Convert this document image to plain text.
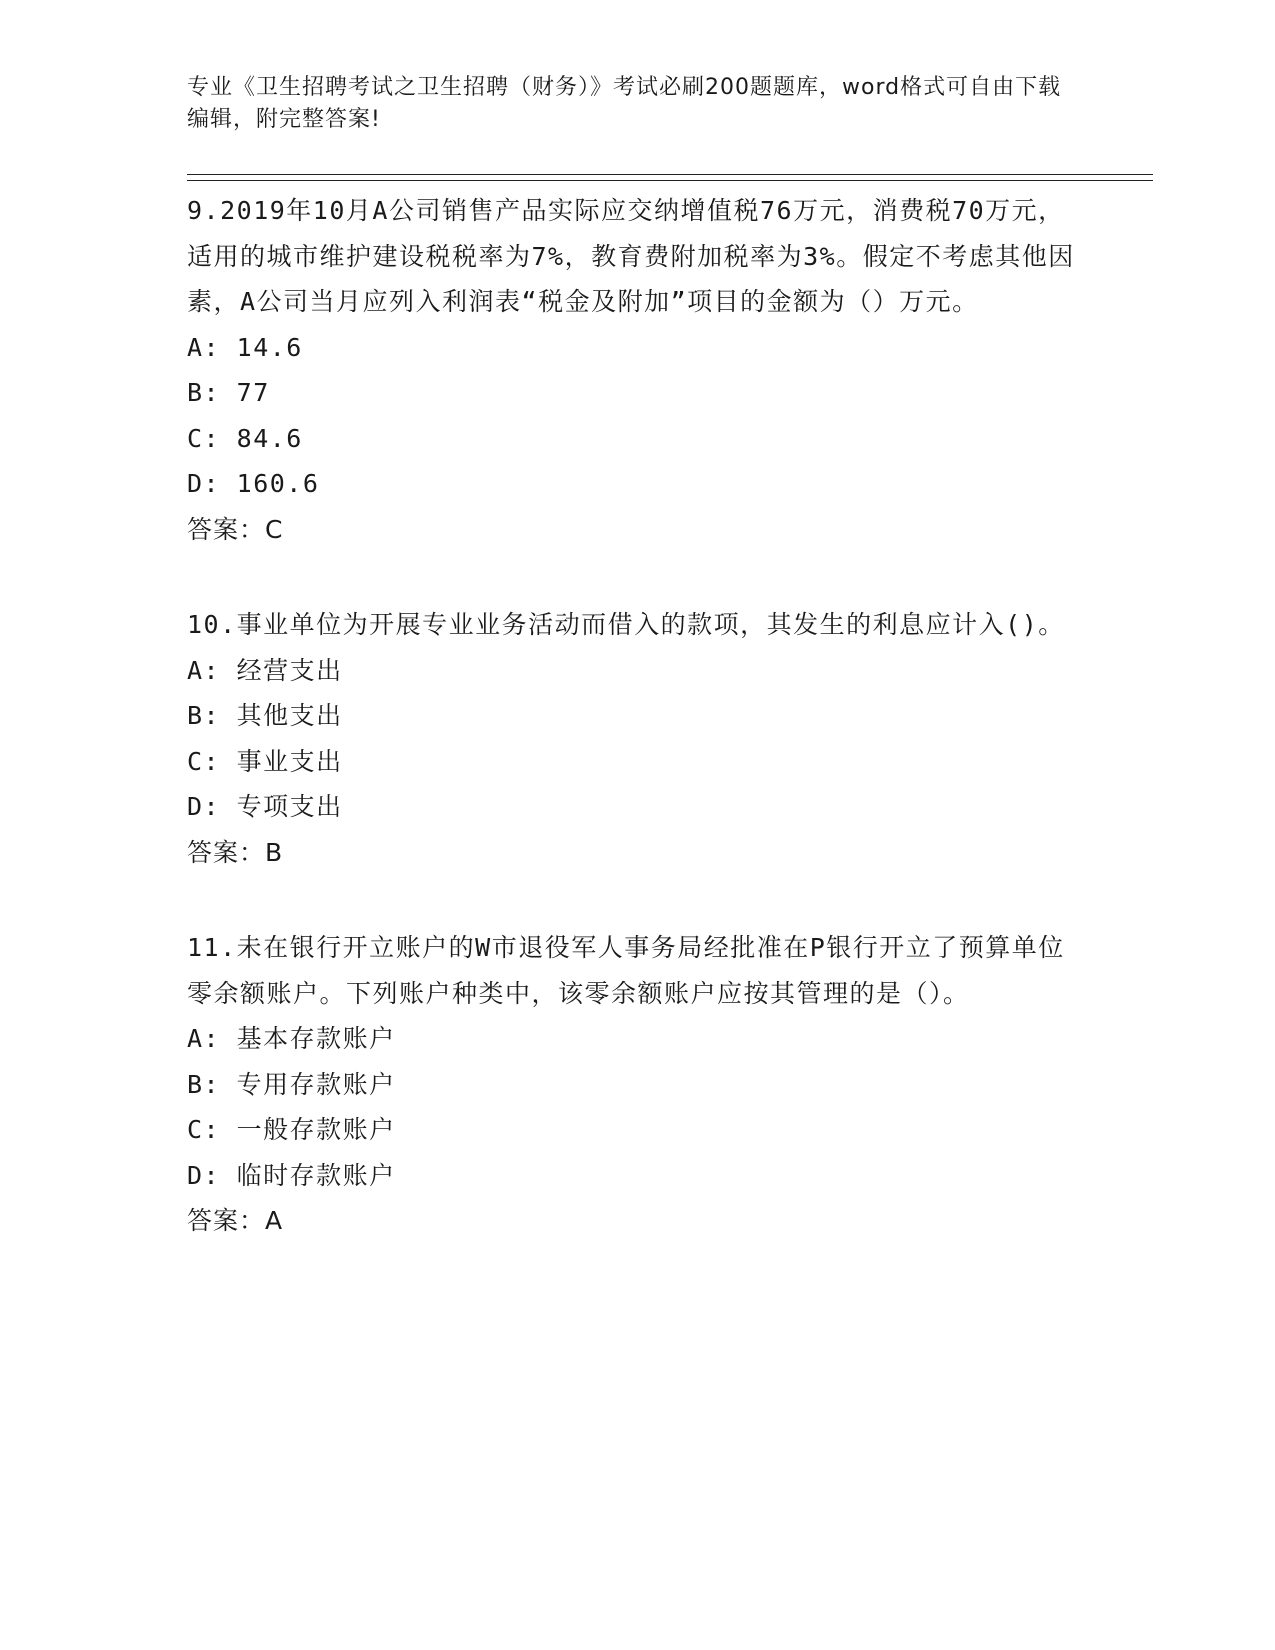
专业《卫生招聘考试之卫生招聘（财务）》考试必刷200题题库，word格式可自由下载编辑，附完整答案!

9.2019年10月A公司销售产品实际应交纳增值税76万元，消费税70万元，适用的城市维护建设税税率为7%，教育费附加税率为3%。假定不考虑其他因素，A公司当月应列入利润表“税金及附加”项目的金额为（）万元。

A: 14.6

B: 77

C: 84.6

D: 160.6

答案：C

10.事业单位为开展专业业务活动而借入的款项，其发生的利息应计入()。

A: 经营支出

B: 其他支出

C: 事业支出

D: 专项支出

答案：B

11.未在银行开立账户的W市退役军人事务局经批准在P银行开立了预算单位零余额账户。下列账户种类中，该零余额账户应按其管理的是（）。

A: 基本存款账户

B: 专用存款账户

C: 一般存款账户

D: 临时存款账户

答案：A
